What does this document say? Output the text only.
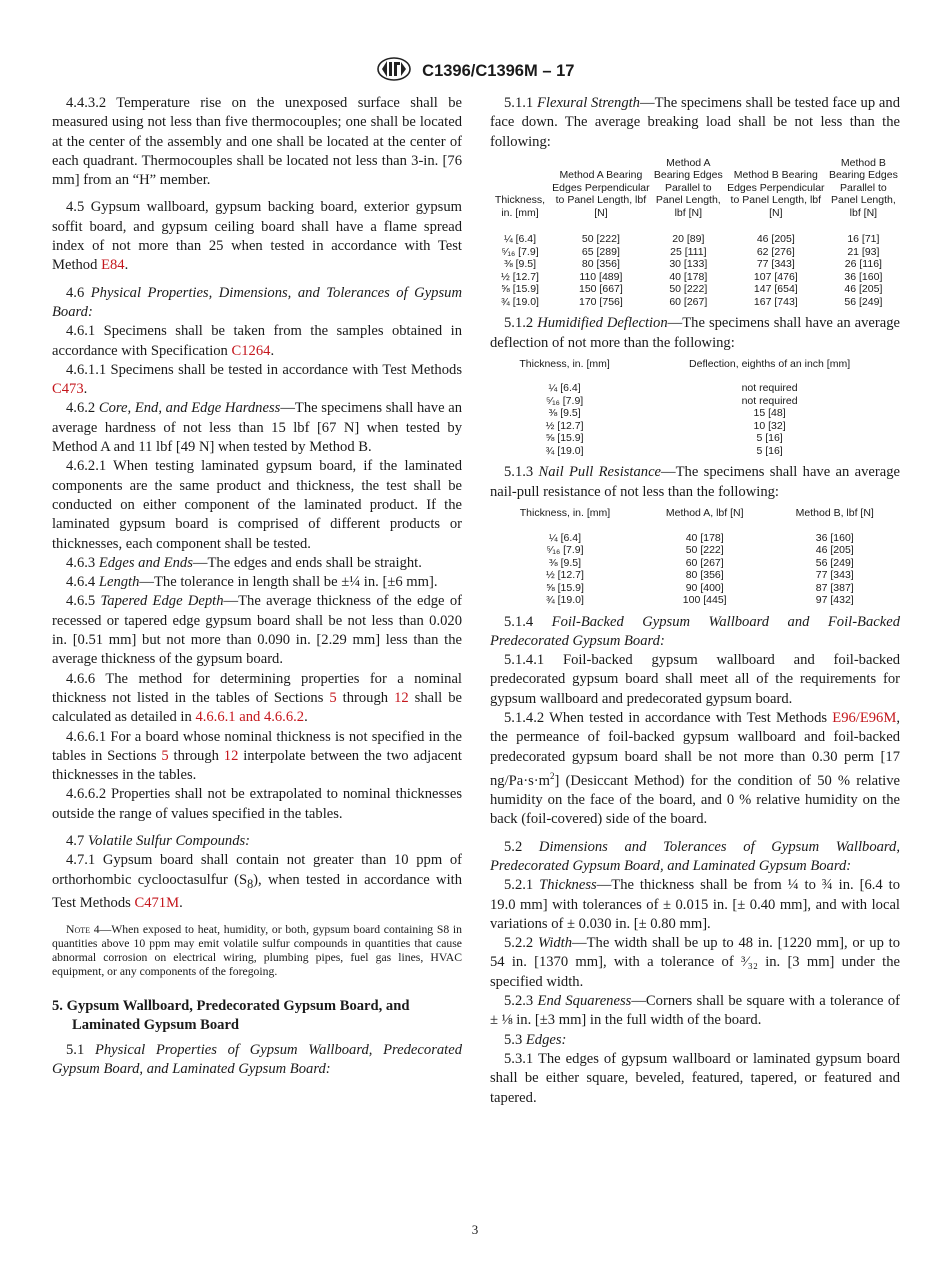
C1396/C1396M – 17

4.4.3.2 Temperature rise on the unexposed surface shall be measured using not less than five thermocouples; one shall be located at the center of the assembly and one shall be located at the center of each quadrant. Thermocouples shall be located not less than 3-in. [76 mm] from an “H” member.

4.5 Gypsum wallboard, gypsum backing board, exterior gypsum soffit board, and gypsum ceiling board shall have a flame spread index of not more than 25 when tested in accordance with Test Method E84.

4.6 Physical Properties, Dimensions, and Tolerances of Gypsum Board:

4.6.1 Specimens shall be taken from the samples obtained in accordance with Specification C1264.

4.6.1.1 Specimens shall be tested in accordance with Test Methods C473.

4.6.2 Core, End, and Edge Hardness—The specimens shall have an average hardness of not less than 15 lbf [67 N] when tested by Method A and 11 lbf [49 N] when tested by Method B.

4.6.2.1 When testing laminated gypsum board, if the laminated components are the same product and thickness, the test shall be conducted on either component of the laminated product. If the laminated gypsum board is comprised of different products or thicknesses, each component shall be tested.

4.6.3 Edges and Ends—The edges and ends shall be straight.

4.6.4 Length—The tolerance in length shall be ±¼ in. [±6 mm].

4.6.5 Tapered Edge Depth—The average thickness of the edge of recessed or tapered edge gypsum board shall be not less than 0.020 in. [0.51 mm] but not more than 0.090 in. [2.29 mm] less than the average thickness of the gypsum board.

4.6.6 The method for determining properties for a nominal thickness not listed in the tables of Sections 5 through 12 shall be calculated as detailed in 4.6.6.1 and 4.6.6.2.

4.6.6.1 For a board whose nominal thickness is not specified in the tables in Sections 5 through 12 interpolate between the two adjacent thicknesses in the tables.

4.6.6.2 Properties shall not be extrapolated to nominal thicknesses outside the range of values specified in the tables.

4.7 Volatile Sulfur Compounds:

4.7.1 Gypsum board shall contain not greater than 10 ppm of orthorhombic cyclooctasulfur $(S_8)$, when tested in accordance with Test Methods C471M.

Note 4—When exposed to heat, humidity, or both, gypsum board containing S8 in quantities above 10 ppm may emit volatile sulfur compounds in quantities that cause abnormal corrosion on electrical wiring, plumbing pipes, fuel gas lines, HVAC equipment, or any components of the foregoing.

5. Gypsum Wallboard, Predecorated Gypsum Board, and Laminated Gypsum Board

5.1 Physical Properties of Gypsum Wallboard, Predecorated Gypsum Board, and Laminated Gypsum Board:

5.1.1 Flexural Strength—The specimens shall be tested face up and face down. The average breaking load shall be not less than the following:

Thickness, in. [mm]	Method A Bearing Edges Perpendicular to Panel Length, lbf [N]	Method A Bearing Edges Parallel to Panel Length, lbf [N]	Method B Bearing Edges Perpendicular to Panel Length, lbf [N]	Method B Bearing Edges Parallel to Panel Length, lbf [N]
¼ [6.4]	50 [222]	20 [89]	46 [205]	16 [71]
⁵⁄₁₆ [7.9]	65 [289]	25 [111]	62 [276]	21 [93]
⅜ [9.5]	80 [356]	30 [133]	77 [343]	26 [116]
½ [12.7]	110 [489]	40 [178]	107 [476]	36 [160]
⅝ [15.9]	150 [667]	50 [222]	147 [654]	46 [205]
¾ [19.0]	170 [756]	60 [267]	167 [743]	56 [249]

5.1.2 Humidified Deflection—The specimens shall have an average deflection of not more than the following:

Thickness, in. [mm]	Deflection, eighths of an inch [mm]
¼ [6.4]	not required
⁵⁄₁₆ [7.9]	not required
⅜ [9.5]	15 [48]
½ [12.7]	10 [32]
⅝ [15.9]	5 [16]
¾ [19.0]	5 [16]

5.1.3 Nail Pull Resistance—The specimens shall have an average nail-pull resistance of not less than the following:

Thickness, in. [mm]	Method A, lbf [N]	Method B, lbf [N]
¼ [6.4]	40 [178]	36 [160]
⁵⁄₁₆ [7.9]	50 [222]	46 [205]
⅜ [9.5]	60 [267]	56 [249]
½ [12.7]	80 [356]	77 [343]
⅝ [15.9]	90 [400]	87 [387]
¾ [19.0]	100 [445]	97 [432]

5.1.4 Foil-Backed Gypsum Wallboard and Foil-Backed Predecorated Gypsum Board:

5.1.4.1 Foil-backed gypsum wallboard and foil-backed predecorated gypsum board shall meet all of the requirements for gypsum wallboard and predecorated gypsum board.

5.1.4.2 When tested in accordance with Test Methods E96/E96M, the permeance of foil-backed gypsum wallboard and foil-backed predecorated gypsum board shall be not more than 0.30 perm [17 $ng/Pa\cdot s\cdot m^2$] (Desiccant Method) for the condition of 50 % relative humidity on the face of the board, and 0 % relative humidity on the back (foil-covered) side of the board.

5.2 Dimensions and Tolerances of Gypsum Wallboard, Predecorated Gypsum Board, and Laminated Gypsum Board:

5.2.1 Thickness—The thickness shall be from ¼ to ¾ in. [6.4 to 19.0 mm] with tolerances of ± 0.015 in. [± 0.40 mm], and with local variations of ± 0.030 in. [± 0.80 mm].

5.2.2 Width—The width shall be up to 48 in. [1220 mm], or up to 54 in. [1370 mm], with a tolerance of ³⁄₃₂ in. [3 mm] under the specified width.

5.2.3 End Squareness—Corners shall be square with a tolerance of ± ⅛ in. [±3 mm] in the full width of the board.

5.3 Edges:

5.3.1 The edges of gypsum wallboard or laminated gypsum board shall be either square, beveled, featured, tapered, or featured and tapered.

3
